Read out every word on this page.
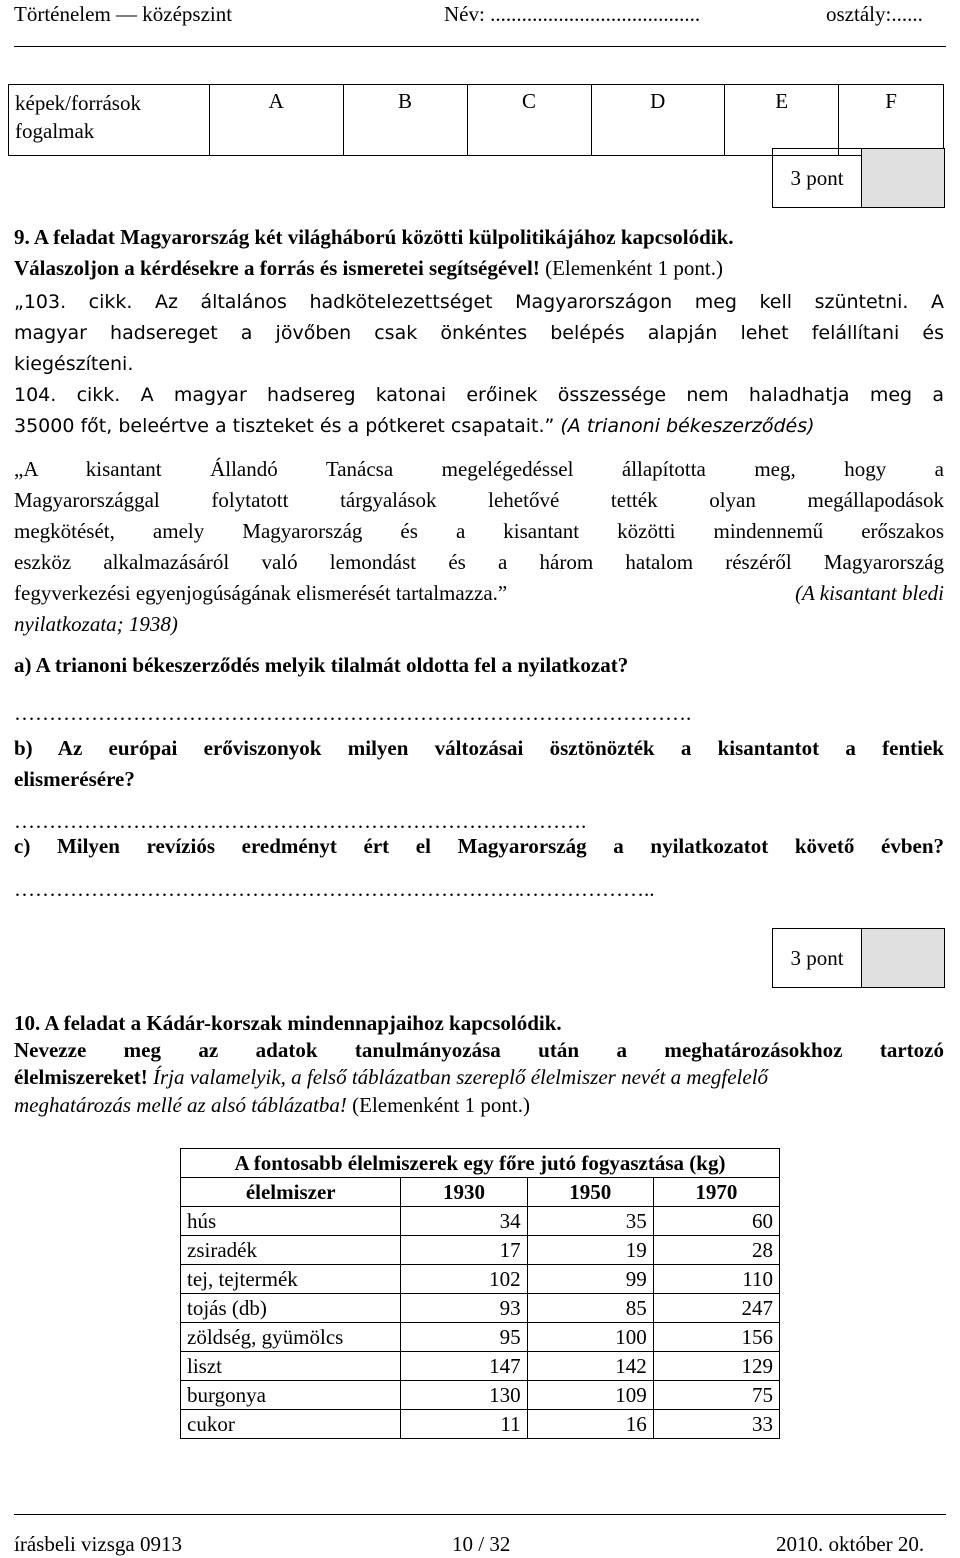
Történelem — középszint	Név: ........................................	osztály:......
képek/források fogalmak	A	B	C	D	E	F
3 pont	
9. A feladat Magyarország két világháború közötti külpolitikájához kapcsolódik.
Válaszoljon a kérdésekre a forrás és ismeretei segítségével! (Elemenként 1 pont.)
„103. cikk. Az általános hadkötelezettséget Magyarországon meg kell szüntetni. A
magyar hadsereget a jövőben csak önkéntes belépés alapján lehet felállítani és
kiegészíteni.
104. cikk. A magyar hadsereg katonai erőinek összessége nem haladhatja meg a
35000 főt, beleértve a tiszteket és a pótkeret csapatait.” (A trianoni békeszerződés)
„A kisantant Állandó Tanácsa megelégedéssel állapította meg, hogy a
Magyarországgal folytatott tárgyalások lehetővé tették olyan megállapodások
megkötését, amely Magyarország és a kisantant közötti mindennemű erőszakos
eszköz alkalmazásáról való lemondást és a három hatalom részéről Magyarország
fegyverkezési egyenjogúságának elismerését tartalmazza.”	(A kisantant bledi
nyilatkozata; 1938)
a) A trianoni békeszerződés melyik tilalmát oldotta fel a nyilatkozat?
…………………………………………………………………………………….
b) Az európai erőviszonyok milyen változásai ösztönözték a kisantantot a fentiek
elismerésére?
……………………………………………………………………….
c) Milyen revíziós eredményt ért el Magyarország a nyilatkozatot követő évben?
………………………………………………………………………………..
3 pont	
10. A feladat a Kádár-korszak mindennapjaihoz kapcsolódik.
Nevezze meg az adatok tanulmányozása után a meghatározásokhoz tartozó
élelmiszereket! Írja valamelyik, a felső táblázatban szereplő élelmiszer nevét a megfelelő
meghatározás mellé az alsó táblázatba! (Elemenként 1 pont.)
A fontosabb élelmiszerek egy főre jutó fogyasztása (kg)			
élelmiszer	1930	1950	1970
hús	34	35	60
zsiradék	17	19	28
tej, tejtermék	102	99	110
tojás (db)	93	85	247
zöldség, gyümölcs	95	100	156
liszt	147	142	129
burgonya	130	109	75
cukor	11	16	33
írásbeli vizsga 0913	10 / 32	2010. október 20.
